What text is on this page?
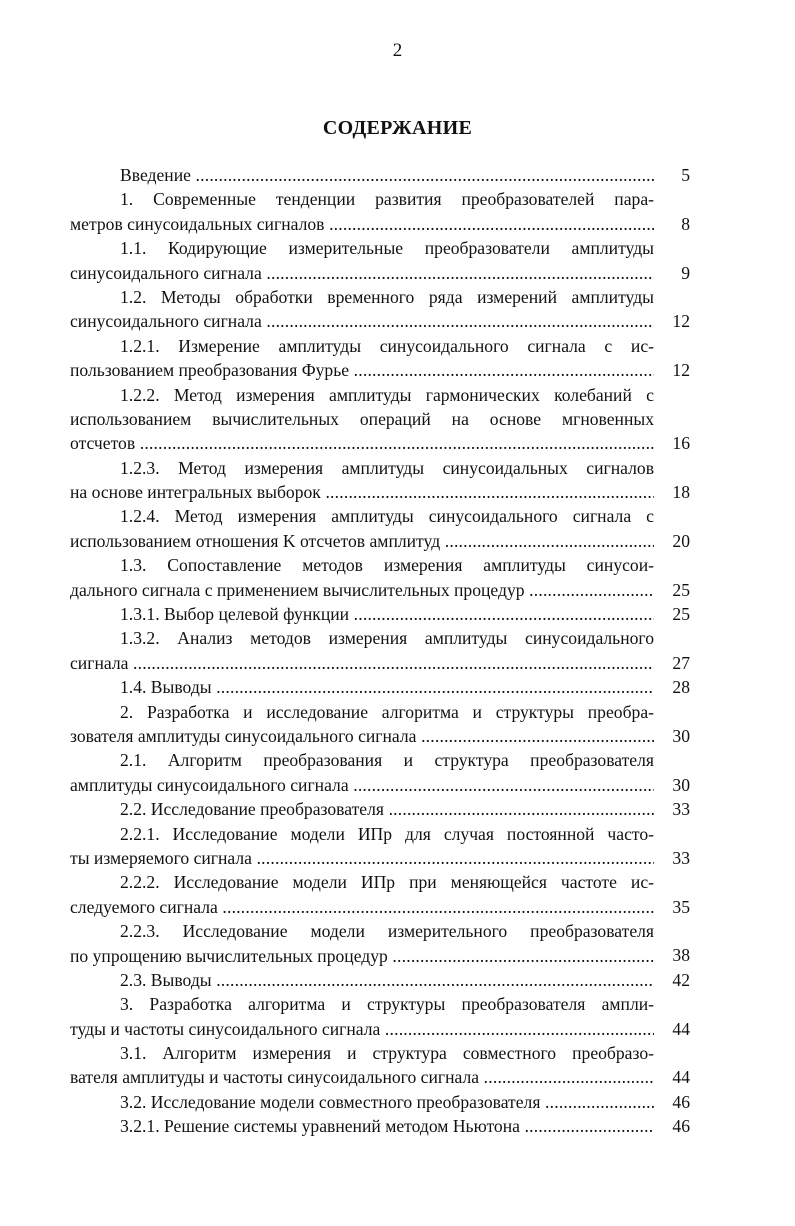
2
СОДЕРЖАНИЕ
Введение .....	5
1. Современные тенденции развития преобразователей пара-
метров синусоидальных сигналов .....	8
1.1. Кодирующие измерительные преобразователи амплитуды
синусоидального сигнала .....	9
1.2. Методы обработки временного ряда измерений амплитуды
синусоидального сигнала .....	12
1.2.1. Измерение амплитуды синусоидального сигнала с ис-
пользованием преобразования Фурье .....	12
1.2.2. Метод измерения амплитуды гармонических колебаний с
использованием вычислительных операций на основе мгновенных
отсчетов .....	16
1.2.3. Метод измерения амплитуды синусоидальных сигналов
на основе интегральных выборок .....	18
1.2.4. Метод измерения амплитуды синусоидального сигнала с
использованием отношения K отсчетов амплитуд .....	20
1.3. Сопоставление методов измерения амплитуды синусои-
дального сигнала с применением вычислительных процедур .....	25
1.3.1. Выбор целевой функции .....	25
1.3.2. Анализ методов измерения амплитуды синусоидального
сигнала .....	27
1.4. Выводы .....	28
2. Разработка и исследование алгоритма и структуры преобра-
зователя амплитуды синусоидального сигнала .....	30
2.1. Алгоритм преобразования и структура преобразователя
амплитуды синусоидального сигнала .....	30
2.2. Исследование преобразователя .....	33
2.2.1. Исследование модели ИПр для случая постоянной часто-
ты измеряемого сигнала .....	33
2.2.2. Исследование модели ИПр при меняющейся частоте ис-
следуемого сигнала .....	35
2.2.3. Исследование модели измерительного преобразователя
по упрощению вычислительных процедур .....	38
2.3. Выводы .....	42
3. Разработка алгоритма и структуры преобразователя ампли-
туды и частоты синусоидального сигнала .....	44
3.1. Алгоритм измерения и структура совместного преобразо-
вателя амплитуды и частоты синусоидального сигнала .....	44
3.2. Исследование модели совместного преобразователя .....	46
3.2.1. Решение системы уравнений методом Ньютона .....	46
